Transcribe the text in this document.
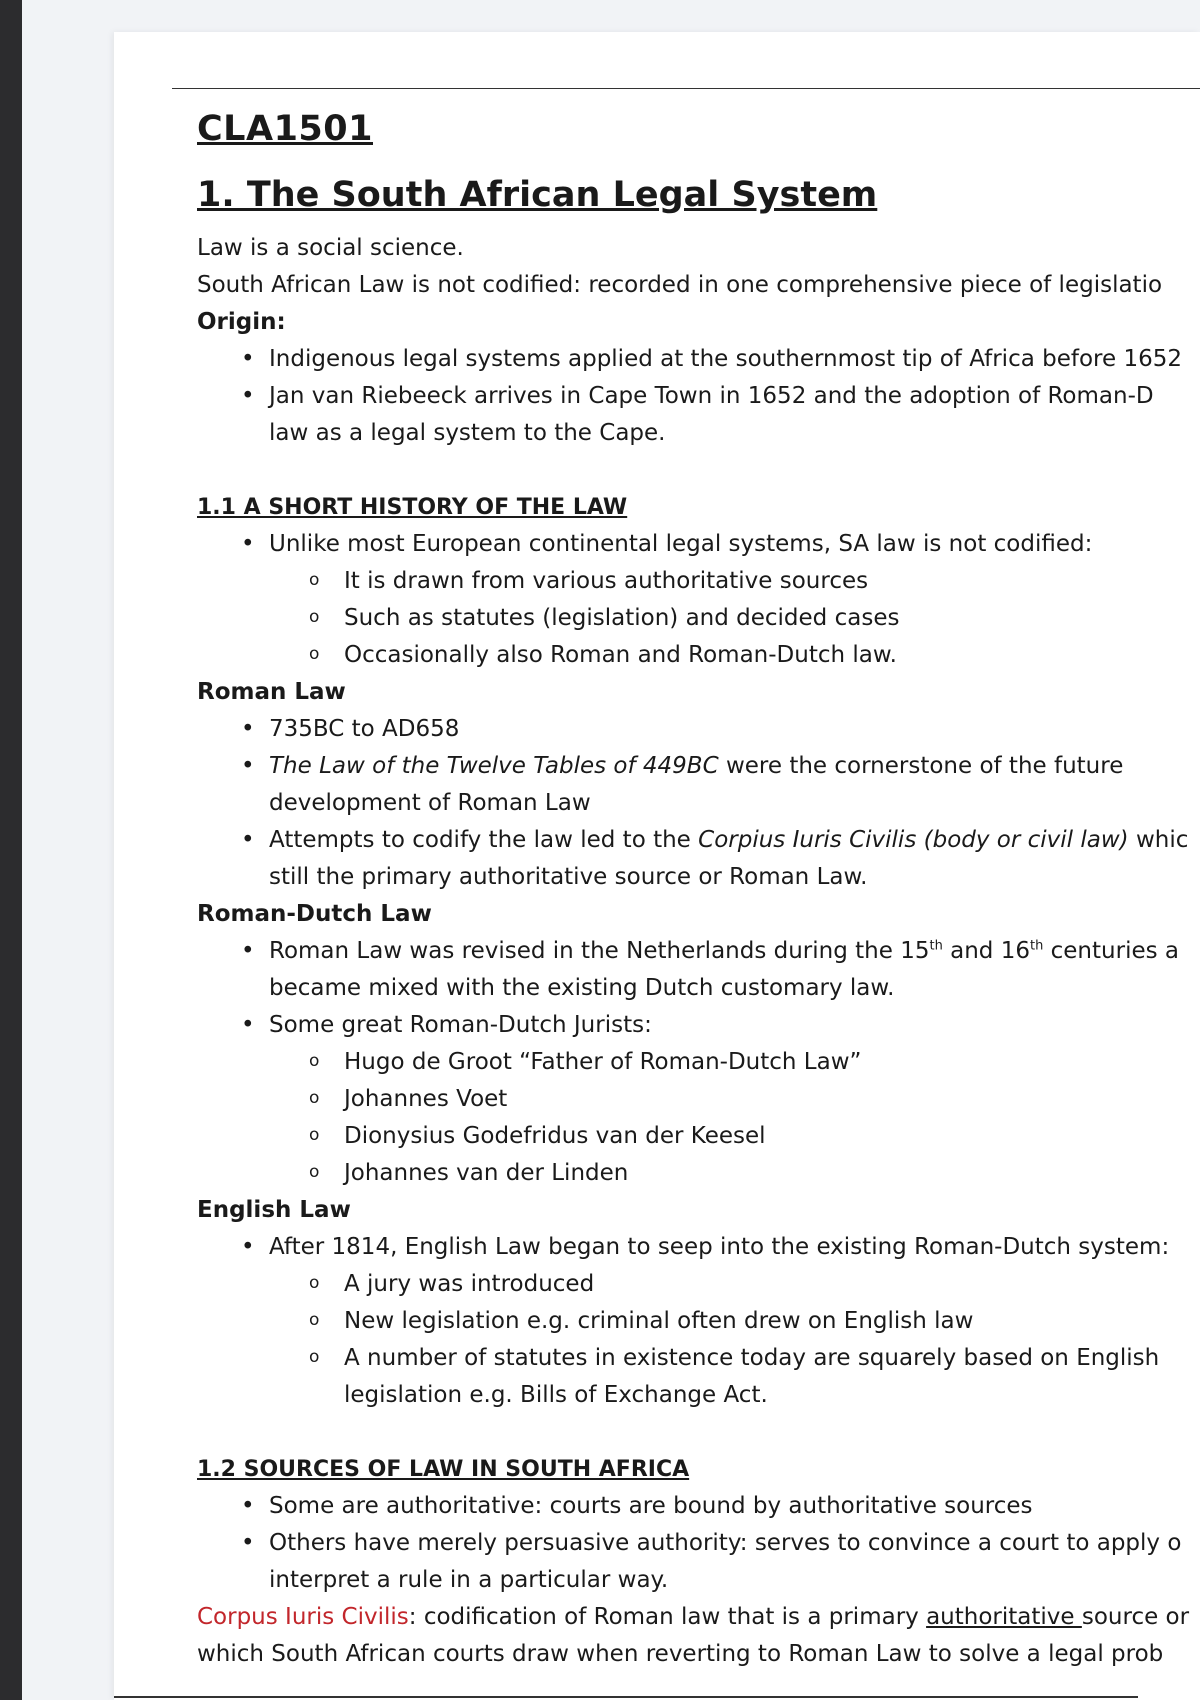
CLA1501
1. The South African Legal System

Law is a social science.

South African Law is not codified: recorded in one comprehensive piece of legislatio

Origin:

• Indigenous legal systems applied at the southernmost tip of Africa before 1652
• Jan van Riebeeck arrives in Cape Town in 1652 and the adoption of Roman-D

law as a legal system to the Cape.

1.1 A SHORT HISTORY OF THE LAW
• Unlike most European continental legal systems, SA law is not codified:
o It is drawn from various authoritative sources
o Such as statutes (legislation) and decided cases
o Occasionally also Roman and Roman-Dutch law.

Roman Law

• 735BC to AD658
• The Law of the Twelve Tables of 449BC were the cornerstone of the future

development of Roman Law

• Attempts to codify the law led to the Corpius Iuris Civilis (body or civil law) whic

still the primary authoritative source or Roman Law.

Roman-Dutch Law

• Roman Law was revised in the Netherlands during the 15th and 16th centuries a

became mixed with the existing Dutch customary law.

• Some great Roman-Dutch Jurists:
o Hugo de Groot “Father of Roman-Dutch Law”
o Johannes Voet
o Dionysius Godefridus van der Keesel
o Johannes van der Linden

English Law

• After 1814, English Law began to seep into the existing Roman-Dutch system:
o A jury was introduced
o New legislation e.g. criminal often drew on English law
o A number of statutes in existence today are squarely based on English

legislation e.g. Bills of Exchange Act.

1.2 SOURCES OF LAW IN SOUTH AFRICA
• Some are authoritative: courts are bound by authoritative sources
• Others have merely persuasive authority: serves to convince a court to apply o

interpret a rule in a particular way.

Corpus Iuris Civilis: codification of Roman law that is a primary authoritative source or

which South African courts draw when reverting to Roman Law to solve a legal prob
